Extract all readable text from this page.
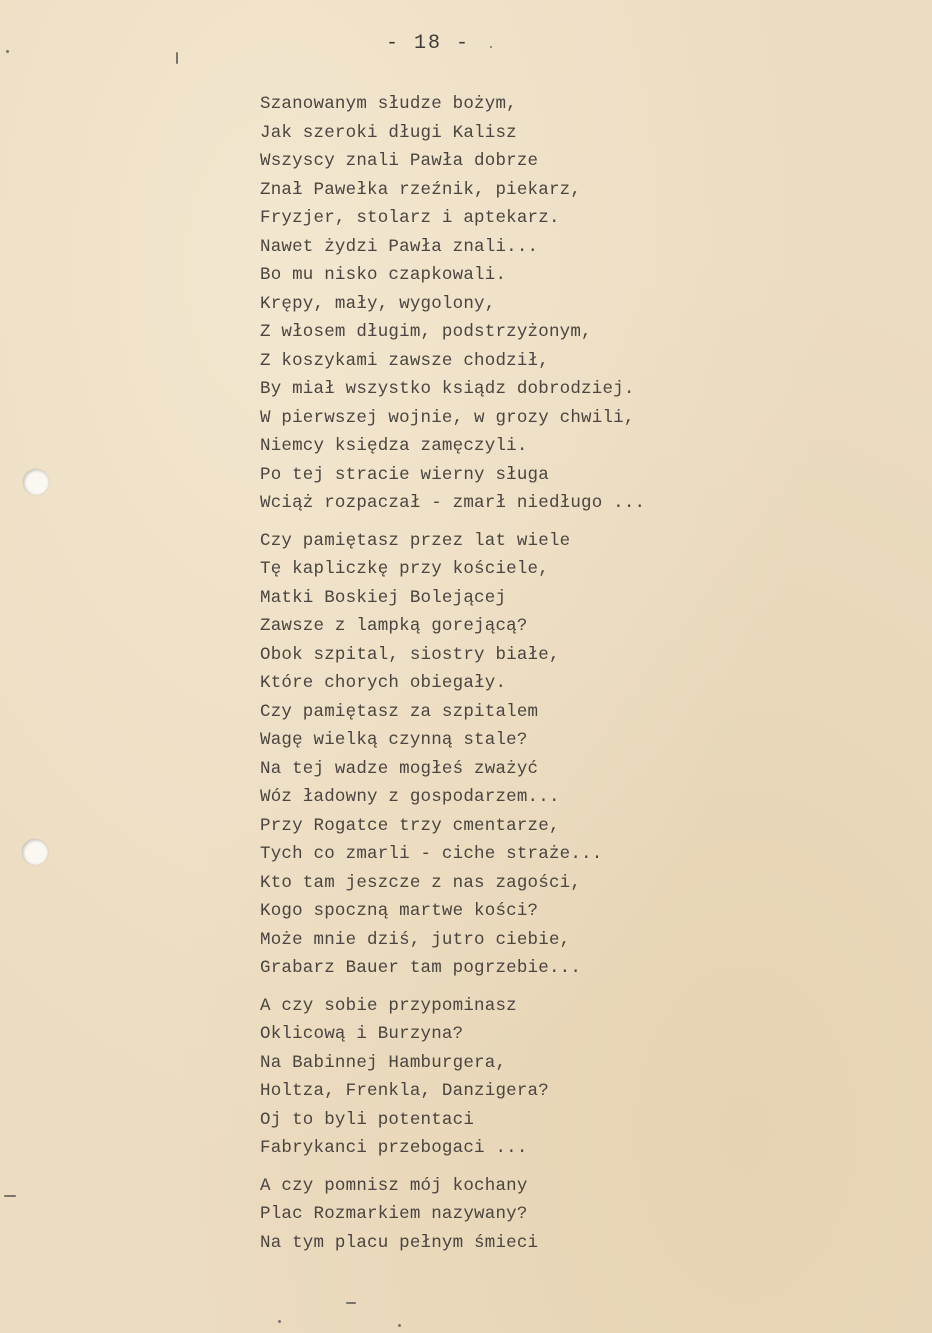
- 18 -
Szanowanym słudze bożym,
Jak szeroki długi Kalisz
Wszyscy znali Pawła dobrze
Znał Pawełka rzeźnik, piekarz,
Fryzjer, stolarz i aptekarz.
Nawet żydzi Pawła znali...
Bo mu nisko czapkowali.
Krępy, mały, wygolony,
Z włosem długim, podstrzyżonym,
Z koszykami zawsze chodził,
By miał wszystko ksiądz dobrodziej.
W pierwszej wojnie, w grozy chwili,
Niemcy księdza zamęczyli.
Po tej stracie wierny sługa
Wciąż rozpaczał - zmarł niedługo ...
Czy pamiętasz przez lat wiele
Tę kapliczkę przy kościele,
Matki Boskiej Bolejącej
Zawsze z lampką gorejącą?
Obok szpital, siostry białe,
Które chorych obiegały.
Czy pamiętasz za szpitalem
Wagę wielką czynną stale?
Na tej wadze mogłeś zważyć
Wóz ładowny z gospodarzem...
Przy Rogatce trzy cmentarze,
Tych co zmarli - ciche straże...
Kto tam jeszcze z nas zagości,
Kogo spoczną martwe kości?
Może mnie dziś, jutro ciebie,
Grabarz Bauer tam pogrzebie...
A czy sobie przypominasz
Oklicową i Burzyna?
Na Babinnej Hamburgera,
Holtza, Frenkla, Danzigera?
Oj to byli potentaci
Fabrykanci przebogaci ...
A czy pomnisz mój kochany
Plac Rozmarkiem nazywany?
Na tym placu pełnym śmieci
